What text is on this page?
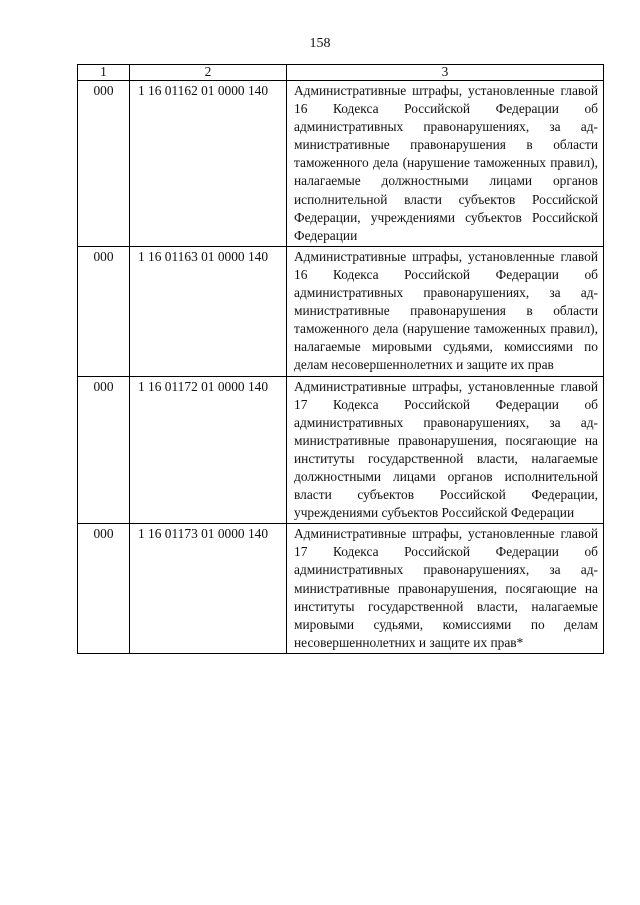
158
1	2	3
000	1 16 01162 01 0000 140	Административные штрафы, установленные главой 16 Кодекса Российской Федерации об административных правонарушениях, за административные правонарушения в области таможенного дела (нарушение таможенных правил), налагаемые должностными лицами органов исполнительной власти субъектов Российской Федерации, учреждениями субъектов Российской Федерации
000	1 16 01163 01 0000 140	Административные штрафы, установленные главой 16 Кодекса Российской Федерации об административных правонарушениях, за административные правонарушения в области таможенного дела (нарушение таможенных правил), налагаемые мировыми судьями, комиссиями по делам несовершеннолетних и защите их прав
000	1 16 01172 01 0000 140	Административные штрафы, установленные главой 17 Кодекса Российской Федерации об административных правонарушениях, за административные правонарушения, посягающие на институты государственной власти, налагаемые должностными лицами органов исполнительной власти субъектов Российской Федерации, учреждениями субъектов Российской Федерации
000	1 16 01173 01 0000 140	Административные штрафы, установленные главой 17 Кодекса Российской Федерации об административных правонарушениях, за административные правонарушения, посягающие на институты государственной власти, налагаемые мировыми судьями, комиссиями по делам несовершеннолетних и защите их прав*
